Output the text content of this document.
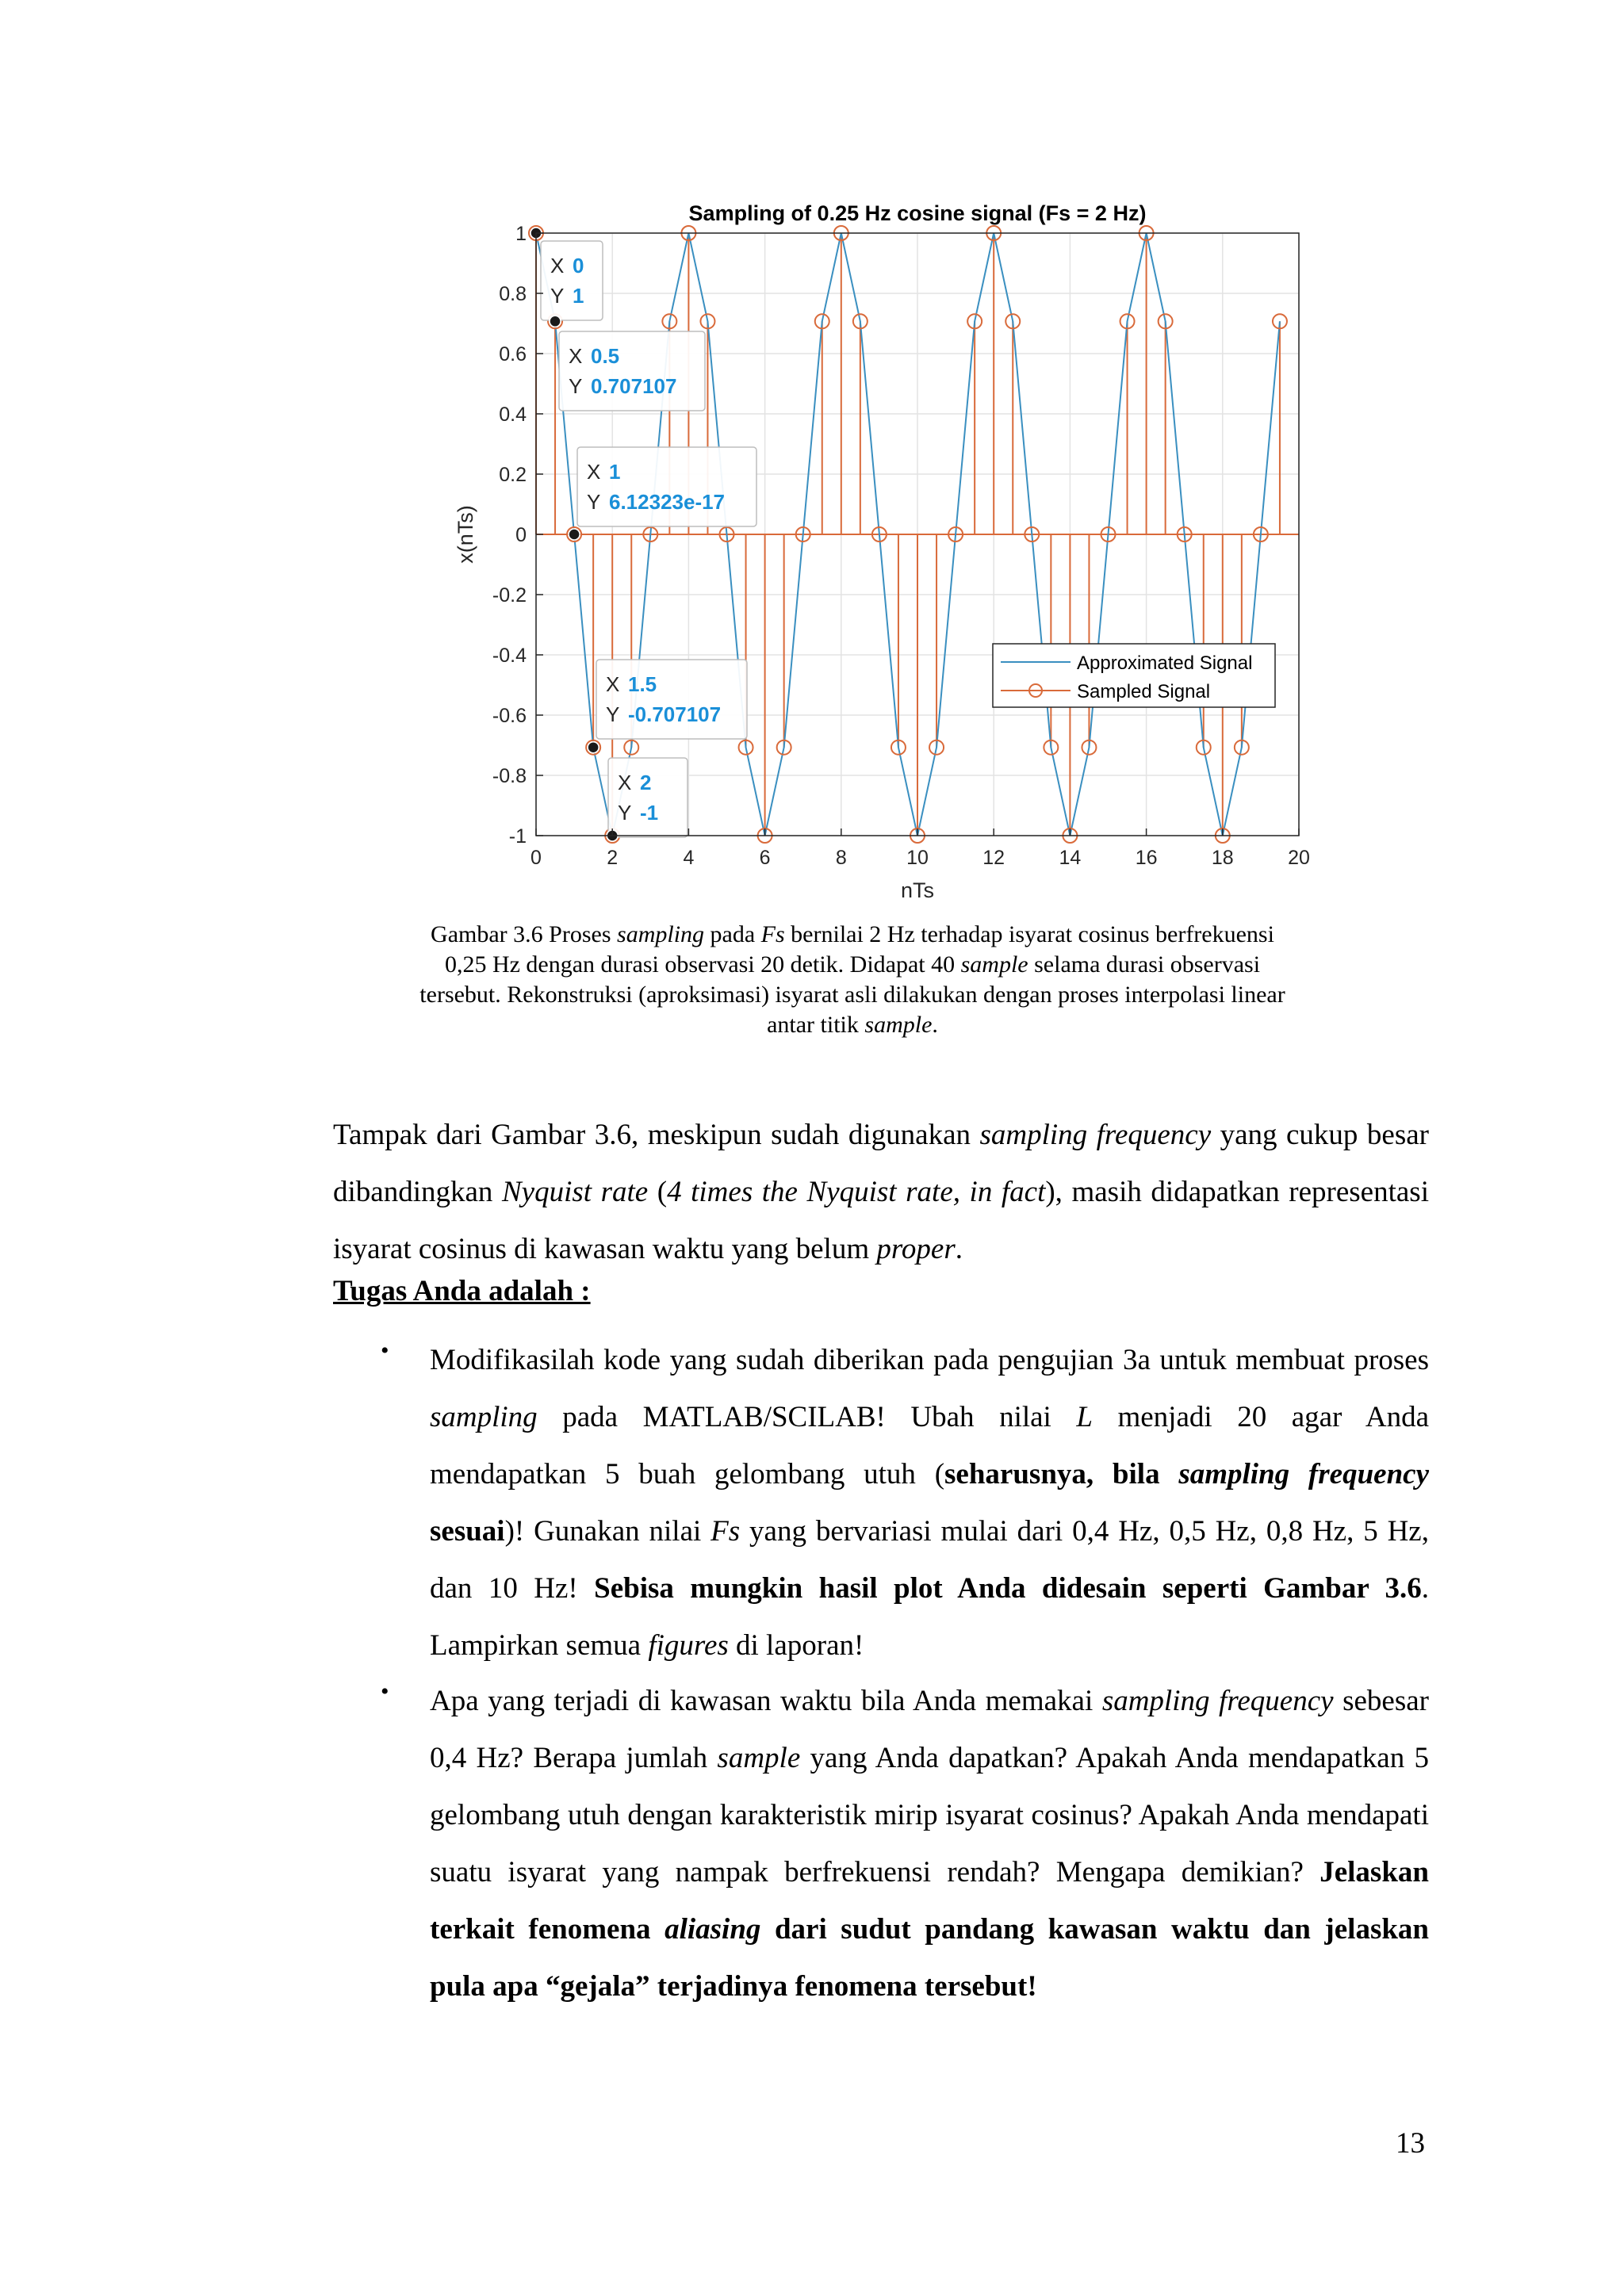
X 0
Y 1
X 0.5
Y 0.707107
X 1
Y 6.12323e-17
X 1.5
Y -0.707107
X 2
Y -1
0	2	4	6	8	10	12	14	16	18	20
1
0.8
0.6
0.4
0.2
0
-0.2
-0.4
-0.6
-0.8
-1
Sampling of 0.25 Hz cosine signal (Fs = 2 Hz)
nTs
x(nTs)
Approximated Signal
Sampled Signal
Gambar 3.6 Proses sampling pada Fs bernilai 2 Hz terhadap isyarat cosinus berfrekuensi 0,25 Hz dengan durasi observasi 20 detik. Didapat 40 sample selama durasi observasi tersebut. Rekonstruksi (aproksimasi) isyarat asli dilakukan dengan proses interpolasi linear antar titik sample.
Tampak dari Gambar 3.6, meskipun sudah digunakan sampling frequency yang cukup besar dibandingkan Nyquist rate (4 times the Nyquist rate, in fact), masih didapatkan representasi isyarat cosinus di kawasan waktu yang belum proper.
Tugas Anda adalah :
• Modifikasilah kode yang sudah diberikan pada pengujian 3a untuk membuat proses sampling pada MATLAB/SCILAB! Ubah nilai L menjadi 20 agar Anda mendapatkan 5 buah gelombang utuh (seharusnya, bila sampling frequency sesuai)! Gunakan nilai Fs yang bervariasi mulai dari 0,4 Hz, 0,5 Hz, 0,8 Hz, 5 Hz, dan 10 Hz! Sebisa mungkin hasil plot Anda didesain seperti Gambar 3.6. Lampirkan semua figures di laporan!
• Apa yang terjadi di kawasan waktu bila Anda memakai sampling frequency sebesar 0,4 Hz? Berapa jumlah sample yang Anda dapatkan? Apakah Anda mendapatkan 5 gelombang utuh dengan karakteristik mirip isyarat cosinus? Apakah Anda mendapati suatu isyarat yang nampak berfrekuensi rendah? Mengapa demikian? Jelaskan terkait fenomena aliasing dari sudut pandang kawasan waktu dan jelaskan pula apa “gejala” terjadinya fenomena tersebut!
13
